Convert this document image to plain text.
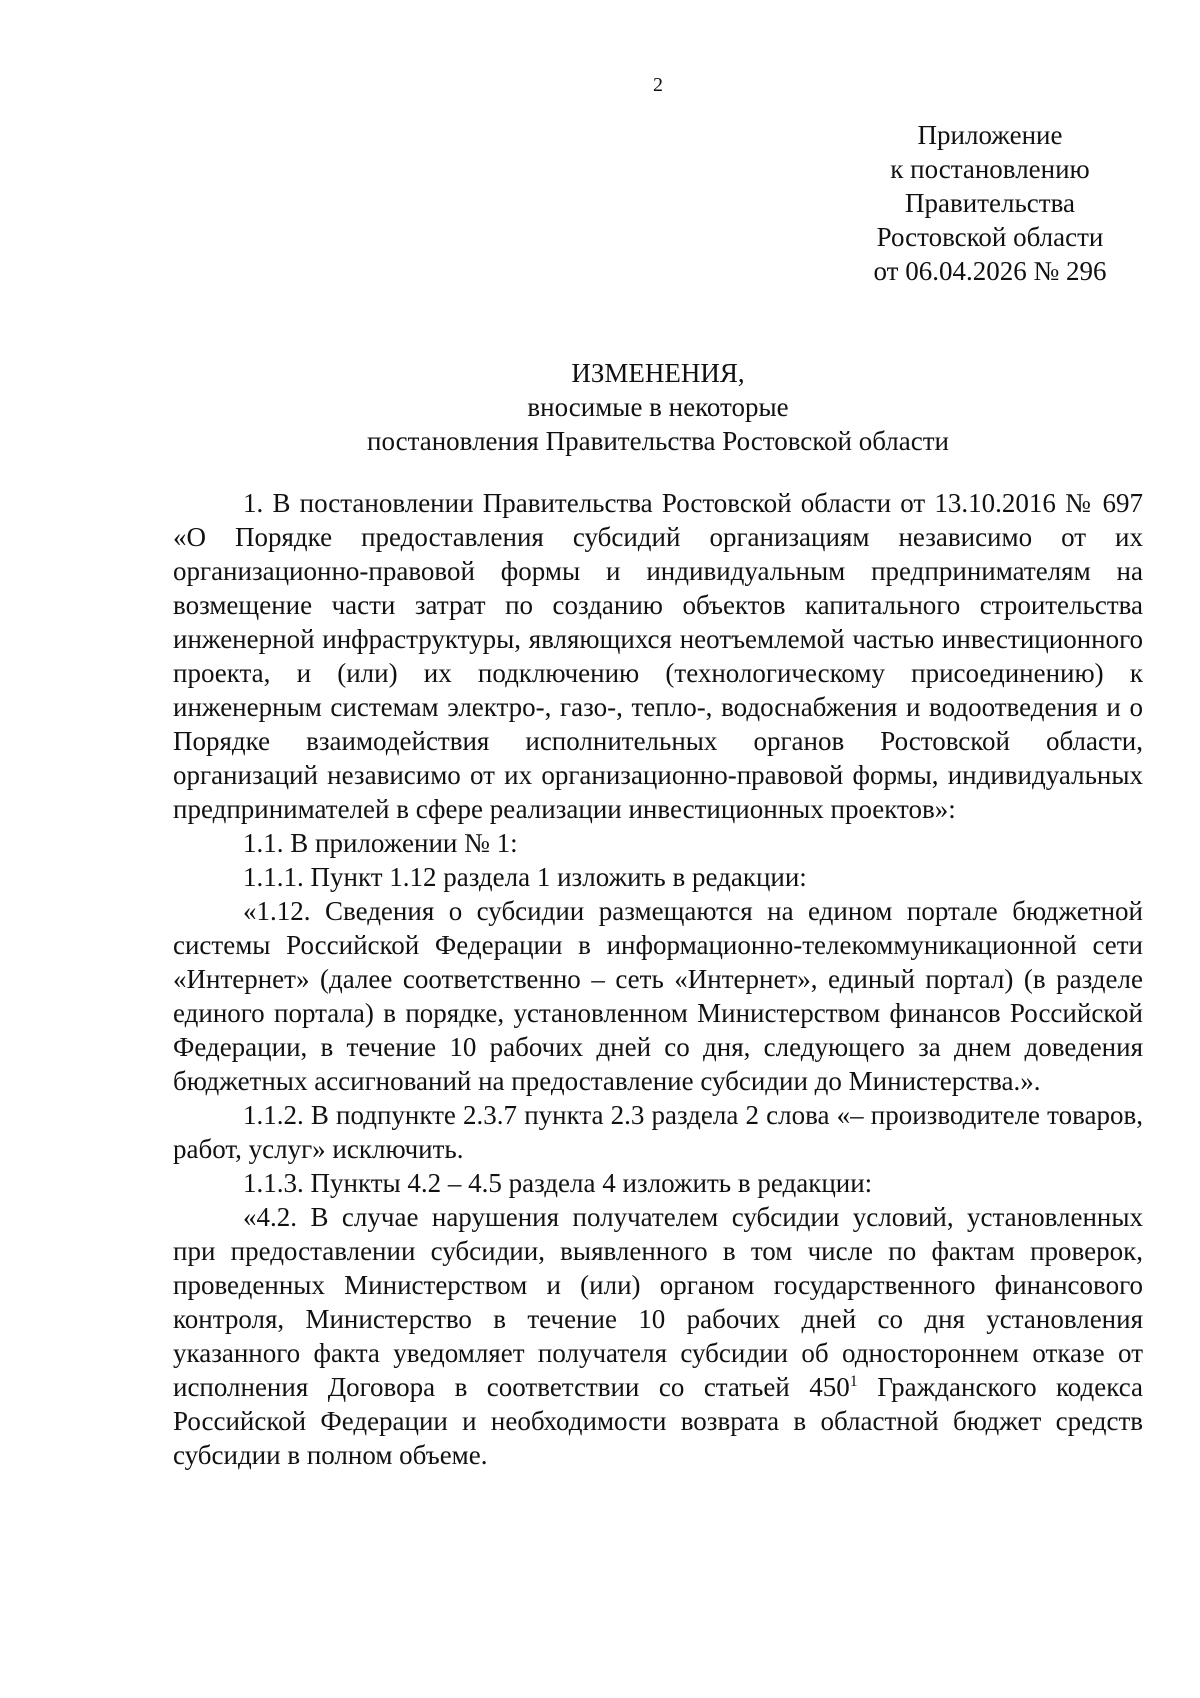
2
Приложение
к постановлению
Правительства
Ростовской области
от 06.04.2026 № 296
ИЗМЕНЕНИЯ,
вносимые в некоторые
постановления Правительства Ростовской области

1. В постановлении Правительства Ростовской области от 13.10.2016 № 697 «О Порядке предоставления субсидий организациям независимо от их организационно-правовой формы и индивидуальным предпринимателям на возмещение части затрат по созданию объектов капитального строительства инженерной инфраструктуры, являющихся неотъемлемой частью инвестиционного проекта, и (или) их подключению (технологическому присоединению) к инженерным системам электро-, газо-, тепло-, водоснабжения и водоотведения и о Порядке взаимодействия исполнительных органов Ростовской области, организаций независимо от их организационно-правовой формы, индивидуальных предпринимателей в сфере реализации инвестиционных проектов»:

1.1. В приложении № 1:

1.1.1. Пункт 1.12 раздела 1 изложить в редакции:

«1.12. Сведения о субсидии размещаются на едином портале бюджетной системы Российской Федерации в информационно-телекоммуникационной сети «Интернет» (далее соответственно – сеть «Интернет», единый портал) (в разделе единого портала) в порядке, установленном Министерством финансов Российской Федерации, в течение 10 рабочих дней со дня, следующего за днем доведения бюджетных ассигнований на предоставление субсидии до Министерства.».

1.1.2. В подпункте 2.3.7 пункта 2.3 раздела 2 слова «– производителе товаров, работ, услуг» исключить.

1.1.3. Пункты 4.2 – 4.5 раздела 4 изложить в редакции:

«4.2. В случае нарушения получателем субсидии условий, установленных при предоставлении субсидии, выявленного в том числе по фактам проверок, проведенных Министерством и (или) органом государственного финансового контроля, Министерство в течение 10 рабочих дней со дня установления указанного факта уведомляет получателя субсидии об одностороннем отказе от исполнения Договора в соответствии со статьей $450^1$ Гражданского кодекса Российской Федерации и необходимости возврата в областной бюджет средств субсидии в полном объеме.
